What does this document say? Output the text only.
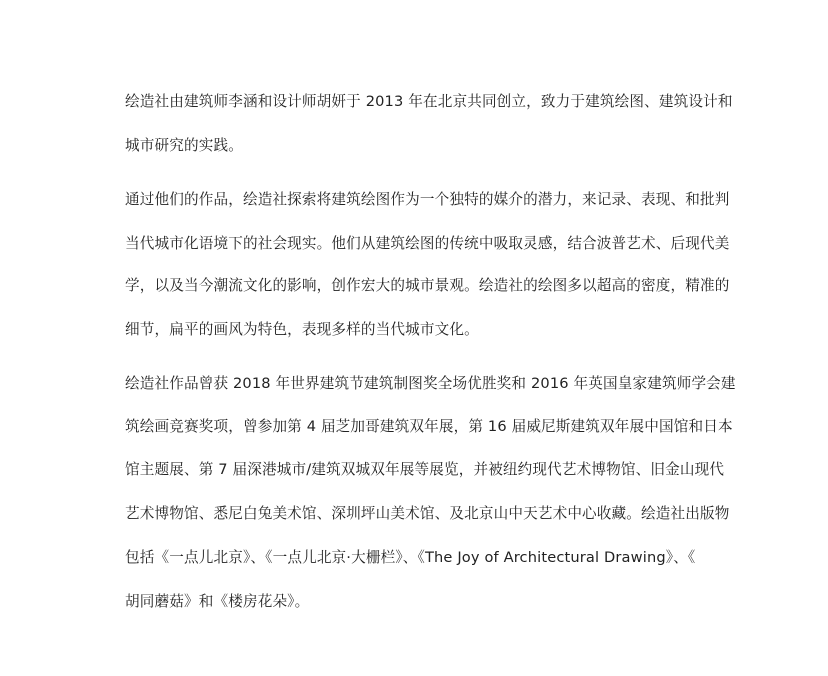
绘造社由建筑师李涵和设计师胡妍于 2013 年在北京共同创立，致力于建筑绘图、建筑设计和
城市研究的实践。
通过他们的作品，绘造社探索将建筑绘图作为一个独特的媒介的潜力，来记录、表现、和批判
当代城市化语境下的社会现实。他们从建筑绘图的传统中吸取灵感，结合波普艺术、后现代美
学，以及当今潮流文化的影响，创作宏大的城市景观。绘造社的绘图多以超高的密度，精准的
细节，扁平的画风为特色，表现多样的当代城市文化。
绘造社作品曾获 2018 年世界建筑节建筑制图奖全场优胜奖和 2016 年英国皇家建筑师学会建
筑绘画竞赛奖项，曾参加第 4 届芝加哥建筑双年展，第 16 届威尼斯建筑双年展中国馆和日本
馆主题展、第 7 届深港城市/建筑双城双年展等展览，并被纽约现代艺术博物馆、旧金山现代
艺术博物馆、悉尼白兔美术馆、深圳坪山美术馆、及北京山中天艺术中心收藏。绘造社出版物
包括《一点儿北京》、《一点儿北京·大栅栏》、《The Joy of Architectural Drawing》、《
胡同蘑菇》和《楼房花朵》。
